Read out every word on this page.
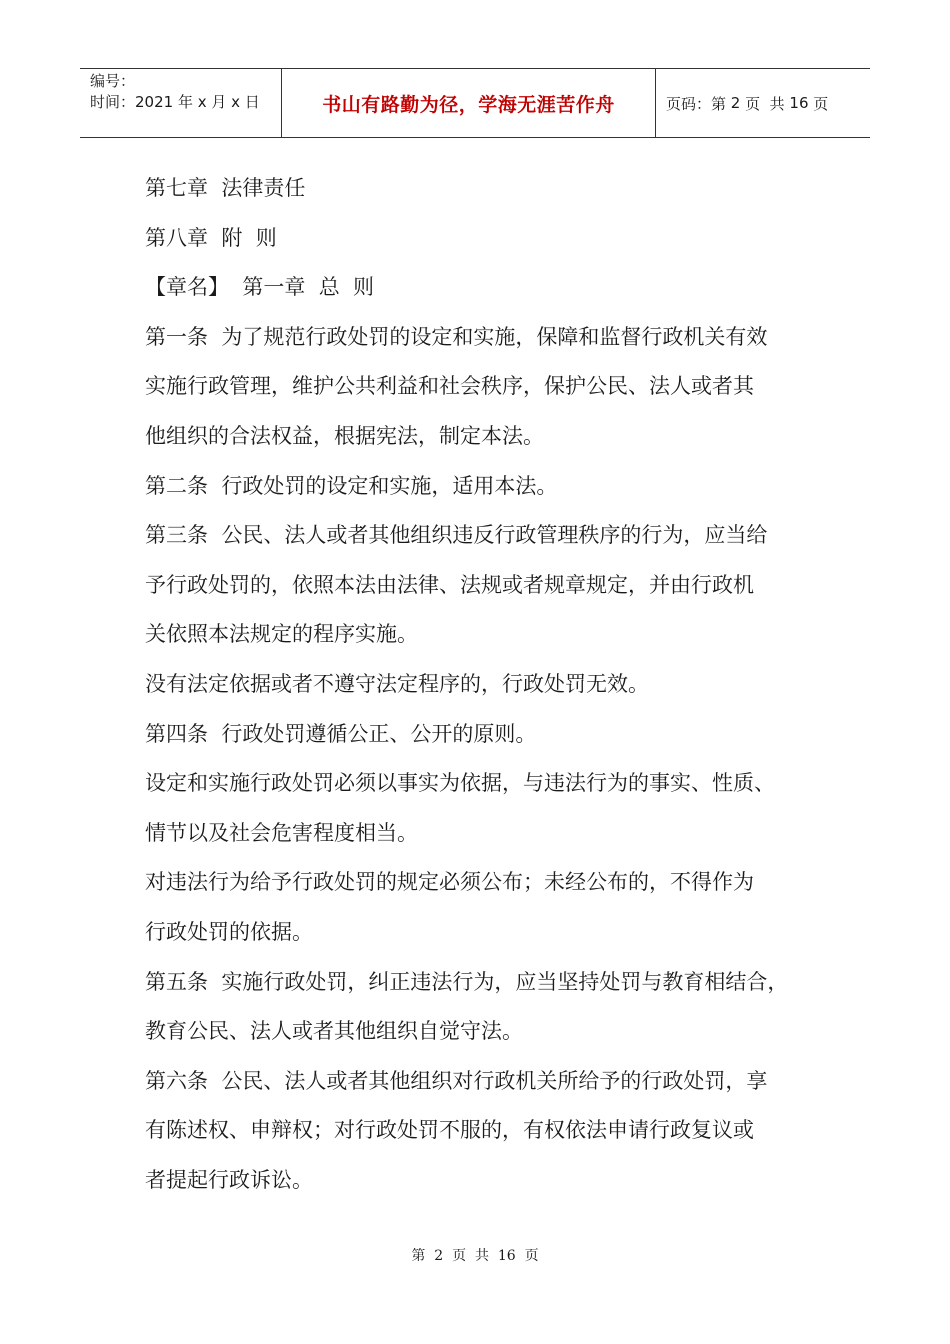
编号：
时间：2021 年 x 月 x 日	书山有路勤为径，学海无涯苦作舟	页码：第 2 页  共 16 页
第七章  法律责任
第八章  附  则
【章名】  第一章  总  则
第一条  为了规范行政处罚的设定和实施，保障和监督行政机关有效
实施行政管理，维护公共利益和社会秩序，保护公民、法人或者其
他组织的合法权益，根据宪法，制定本法。
第二条  行政处罚的设定和实施，适用本法。
第三条  公民、法人或者其他组织违反行政管理秩序的行为，应当给
予行政处罚的，依照本法由法律、法规或者规章规定，并由行政机
关依照本法规定的程序实施。
没有法定依据或者不遵守法定程序的，行政处罚无效。
第四条  行政处罚遵循公正、公开的原则。
设定和实施行政处罚必须以事实为依据，与违法行为的事实、性质、
情节以及社会危害程度相当。
对违法行为给予行政处罚的规定必须公布；未经公布的，不得作为
行政处罚的依据。
第五条  实施行政处罚，纠正违法行为，应当坚持处罚与教育相结合，
教育公民、法人或者其他组织自觉守法。
第六条  公民、法人或者其他组织对行政机关所给予的行政处罚，享
有陈述权、申辩权；对行政处罚不服的，有权依法申请行政复议或
者提起行政诉讼。
第  2  页  共  16  页
